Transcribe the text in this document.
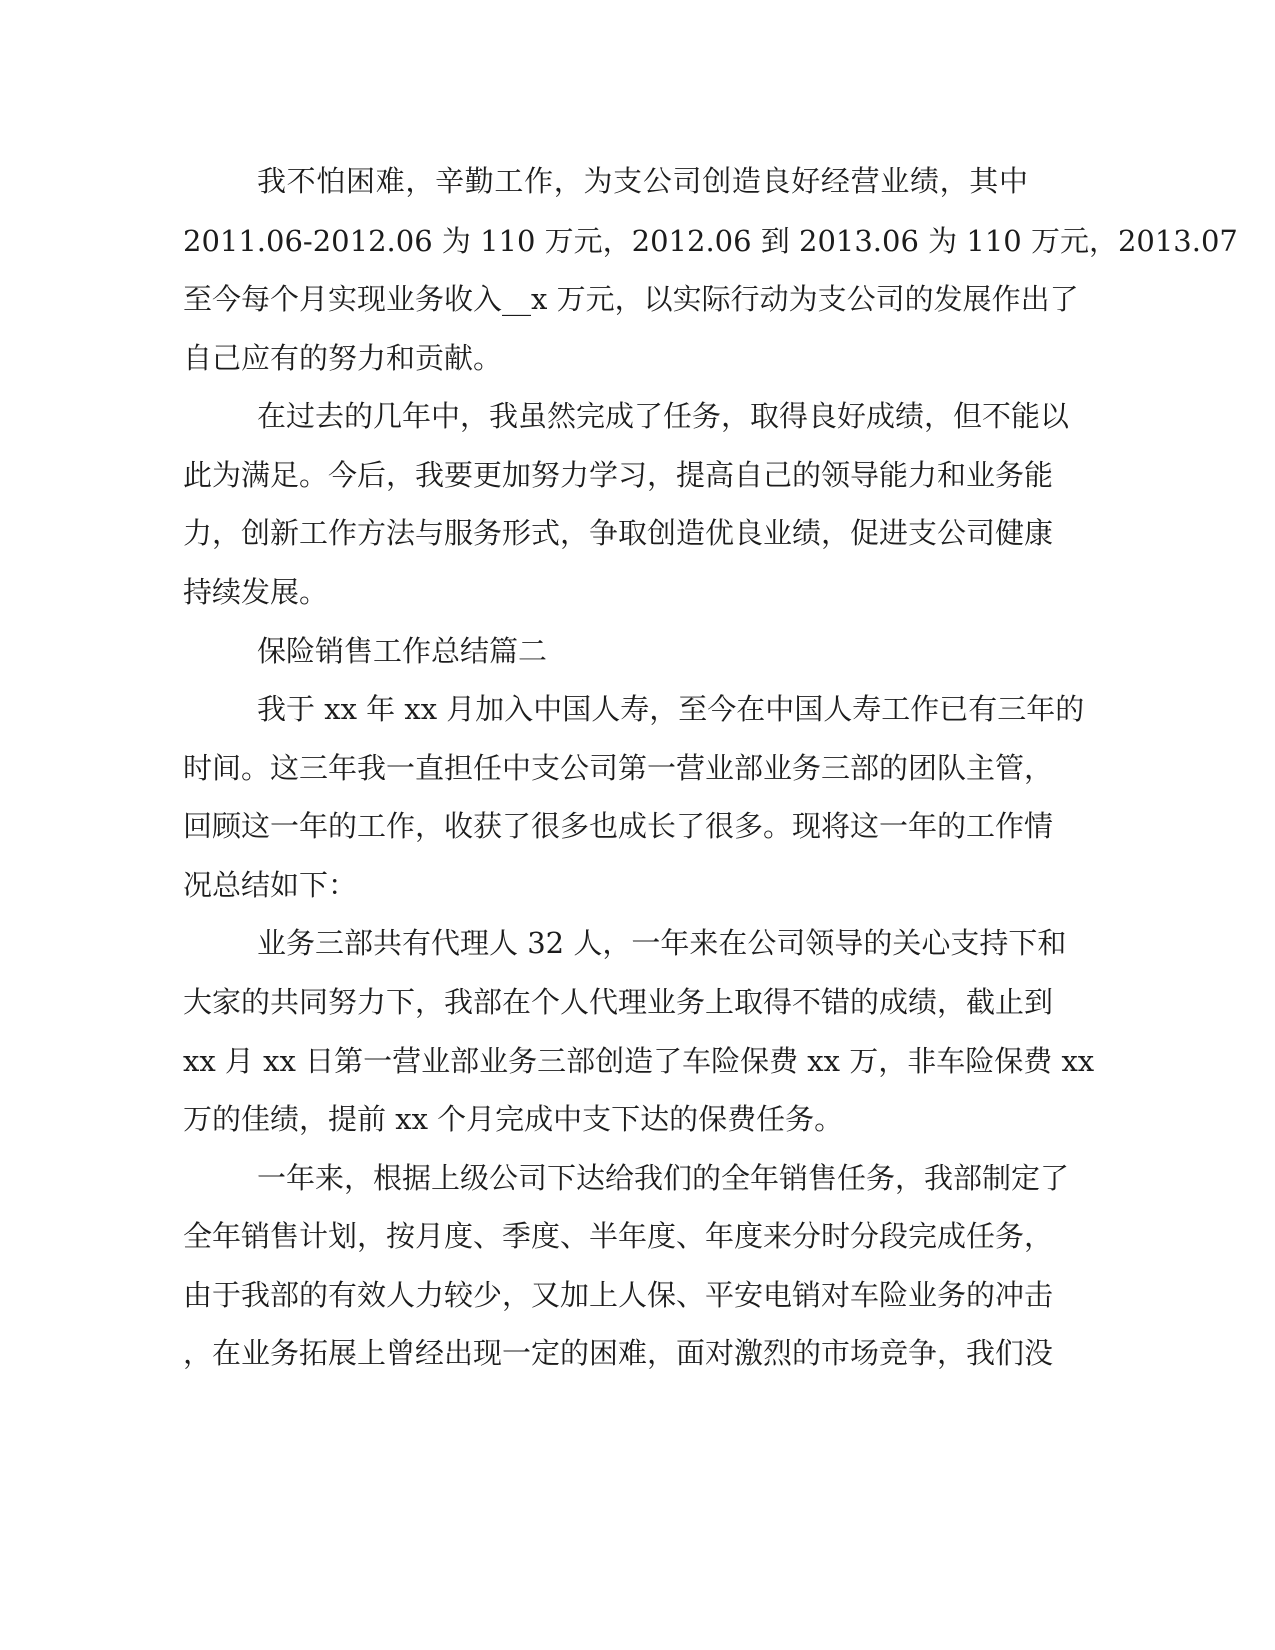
我不怕困难，辛勤工作，为支公司创造良好经营业绩，其中
2011.06-2012.06 为 110 万元，2012.06 到 2013.06 为 110 万元，2013.07
至今每个月实现业务收入__x 万元，以实际行动为支公司的发展作出了
自己应有的努力和贡献。
在过去的几年中，我虽然完成了任务，取得良好成绩，但不能以
此为满足。今后，我要更加努力学习，提高自己的领导能力和业务能
力，创新工作方法与服务形式，争取创造优良业绩，促进支公司健康
持续发展。
保险销售工作总结篇二
我于 xx 年 xx 月加入中国人寿，至今在中国人寿工作已有三年的
时间。这三年我一直担任中支公司第一营业部业务三部的团队主管，
回顾这一年的工作，收获了很多也成长了很多。现将这一年的工作情
况总结如下：
业务三部共有代理人 32 人，一年来在公司领导的关心支持下和
大家的共同努力下，我部在个人代理业务上取得不错的成绩，截止到
xx 月 xx 日第一营业部业务三部创造了车险保费 xx 万，非车险保费 xx
万的佳绩，提前 xx 个月完成中支下达的保费任务。
一年来，根据上级公司下达给我们的全年销售任务，我部制定了
全年销售计划，按月度、季度、半年度、年度来分时分段完成任务，
由于我部的有效人力较少，又加上人保、平安电销对车险业务的冲击
，在业务拓展上曾经出现一定的困难，面对激烈的市场竞争，我们没
